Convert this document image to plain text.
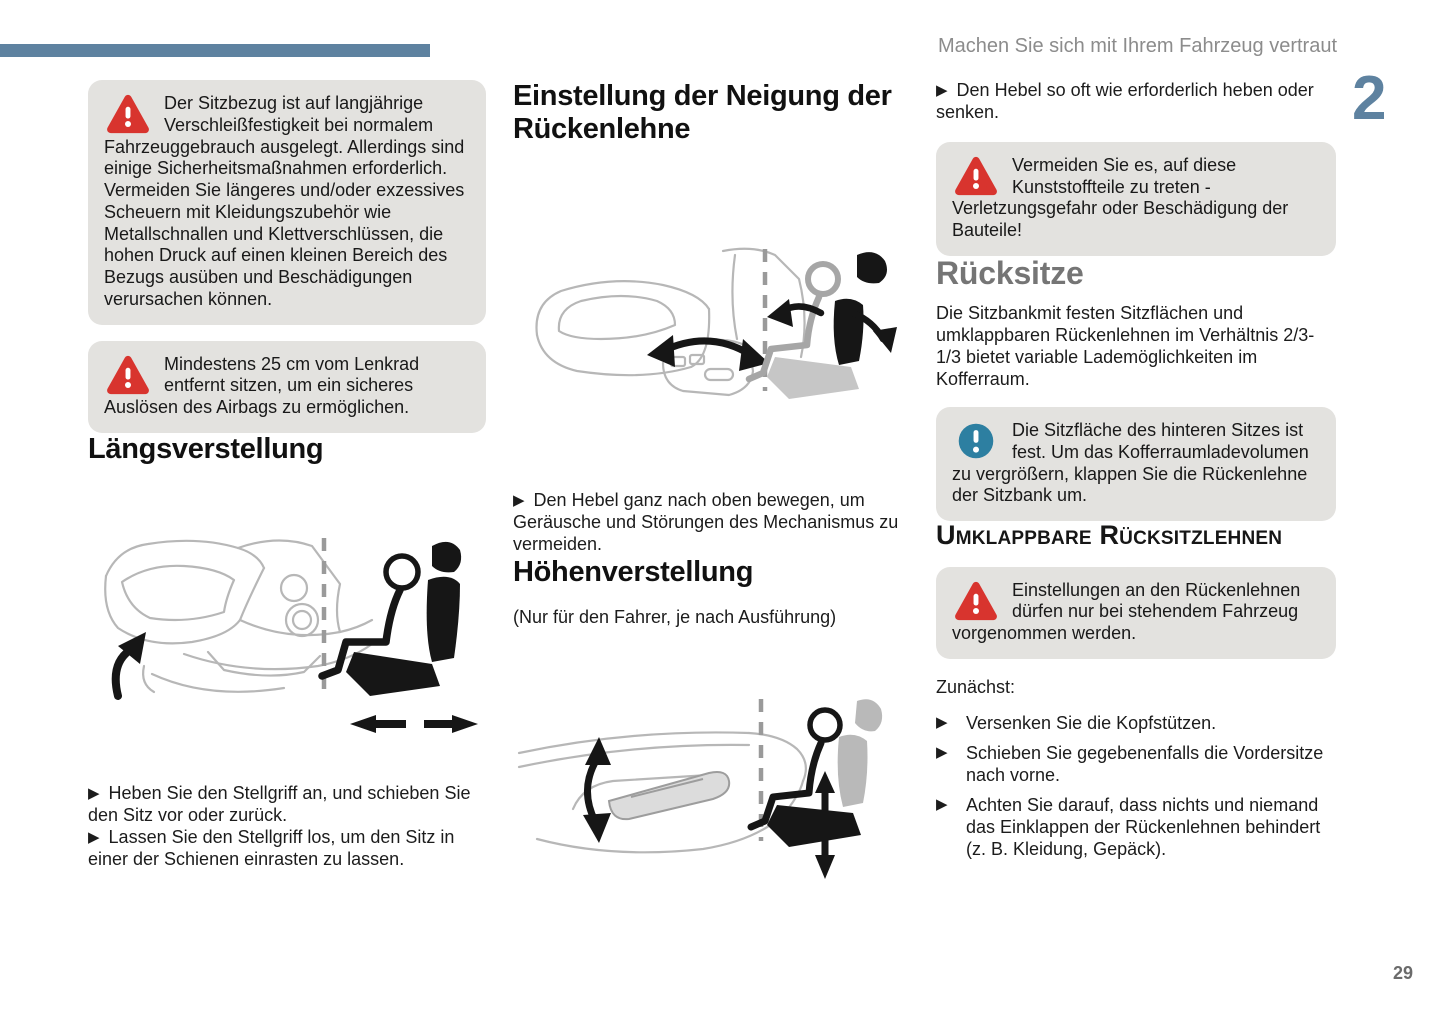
Machen Sie sich mit Ihrem Fahrzeug vertraut
2
29
Der Sitzbezug ist auf langjährige Verschleißfestigkeit bei normalem Fahrzeuggebrauch ausgelegt. Allerdings sind einige Sicherheitsmaßnahmen erforderlich. Vermeiden Sie längeres und/oder exzessives Scheuern mit Kleidungszubehör wie Metallschnallen und Klettverschlüssen, die hohen Druck auf einen kleinen Bereich des Bezugs ausüben und Beschädigungen verursachen können.
Mindestens 25 cm vom Lenkrad entfernt sitzen, um ein sicheres Auslösen des Airbags zu ermöglichen.
Längsverstellung

▶ Heben Sie den Stellgriff an, und schieben Sie den Sitz vor oder zurück.

▶ Lassen Sie den Stellgriff los, um den Sitz in einer der Schienen einrasten zu lassen.

Einstellung der Neigung der Rückenlehne

▶ Den Hebel ganz nach oben bewegen, um Geräusche und Störungen des Mechanismus zu vermeiden.

Höhenverstellung

(Nur für den Fahrer, je nach Ausführung)

▶ Den Hebel so oft wie erforderlich heben oder senken.

Vermeiden Sie es, auf diese Kunststoffteile zu treten - Verletzungsgefahr oder Beschädigung der Bauteile!
Rücksitze

Die Sitzbankmit festen Sitzflächen und umklappbaren Rückenlehnen im Verhältnis 2/3-1/3 bietet variable Lademöglichkeiten im Kofferraum.

Die Sitzfläche des hinteren Sitzes ist fest. Um das Kofferraumladevolumen zu vergrößern, klappen Sie die Rückenlehne der Sitzbank um.
Umklappbare Rücksitzlehnen
Einstellungen an den Rückenlehnen dürfen nur bei stehendem Fahrzeug vorgenommen werden.

Zunächst:

▶ Versenken Sie die Kopfstützen.
▶ Schieben Sie gegebenenfalls die Vordersitze nach vorne.
▶ Achten Sie darauf, dass nichts und niemand das Einklappen der Rückenlehnen behindert (z. B. Kleidung, Gepäck).
